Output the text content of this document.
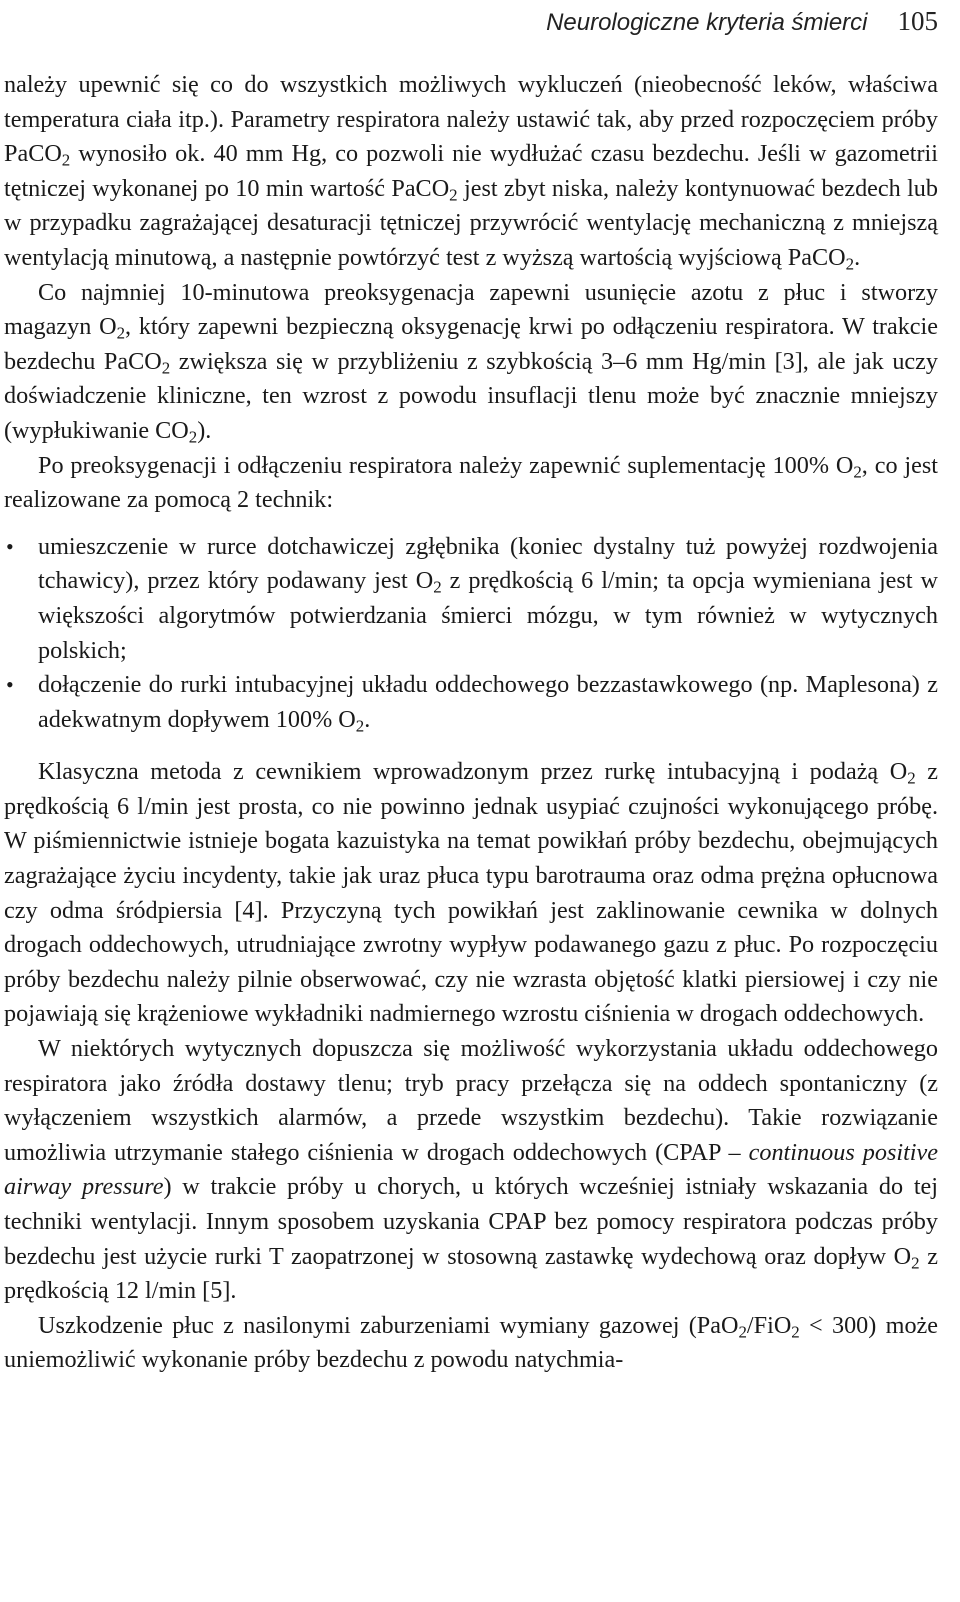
Neurologiczne kryteria śmierci 105

należy upewnić się co do wszystkich możliwych wykluczeń (nieobecność leków, właściwa temperatura ciała itp.). Parametry respiratora należy ustawić tak, aby przed rozpoczęciem próby PaCO$_2$ wynosiło ok. 40 mm Hg, co pozwoli nie wydłużać czasu bezdechu. Jeśli w gazometrii tętniczej wykonanej po 10 min wartość PaCO$_2$ jest zbyt niska, należy kontynuować bezdech lub w przypadku zagrażającej desaturacji tętniczej przywrócić wentylację mechaniczną z mniejszą wentylacją minutową, a następnie powtórzyć test z wyższą wartością wyjściową PaCO$_2$.

Co najmniej 10-minutowa preoksygenacja zapewni usunięcie azotu z płuc i stworzy magazyn $O_2$, który zapewni bezpieczną oksygenację krwi po odłączeniu respiratora. W trakcie bezdechu PaCO$_2$ zwiększa się w przybliżeniu z szybkością 3–6 mm Hg/min [3], ale jak uczy doświadczenie kliniczne, ten wzrost z powodu insuflacji tlenu może być znacznie mniejszy (wypłukiwanie $CO_2$).

Po preoksygenacji i odłączeniu respiratora należy zapewnić suplementację 100% $O_2$, co jest realizowane za pomocą 2 technik:

• umieszczenie w rurce dotchawiczej zgłębnika (koniec dystalny tuż powyżej rozdwojenia tchawicy), przez który podawany jest $O_2$ z prędkością 6 l/min; ta opcja wymieniana jest w większości algorytmów potwierdzania śmierci mózgu, w tym również w wytycznych polskich;
• dołączenie do rurki intubacyjnej układu oddechowego bezzastawkowego (np. Maplesona) z adekwatnym dopływem 100% $O_2$.

Klasyczna metoda z cewnikiem wprowadzonym przez rurkę intubacyjną i podażą $O_2$ z prędkością 6 l/min jest prosta, co nie powinno jednak usypiać czujności wykonującego próbę. W piśmiennictwie istnieje bogata kazuistyka na temat powikłań próby bezdechu, obejmujących zagrażające życiu incydenty, takie jak uraz płuca typu barotrauma oraz odma prężna opłucnowa czy odma śródpiersia [4]. Przyczyną tych powikłań jest zaklinowanie cewnika w dolnych drogach oddechowych, utrudniające zwrotny wypływ podawanego gazu z płuc. Po rozpoczęciu próby bezdechu należy pilnie obserwować, czy nie wzrasta objętość klatki piersiowej i czy nie pojawiają się krążeniowe wykładniki nadmiernego wzrostu ciśnienia w drogach oddechowych.

W niektórych wytycznych dopuszcza się możliwość wykorzystania układu oddechowego respiratora jako źródła dostawy tlenu; tryb pracy przełącza się na oddech spontaniczny (z wyłączeniem wszystkich alarmów, a przede wszystkim bezdechu). Takie rozwiązanie umożliwia utrzymanie stałego ciśnienia w drogach oddechowych (CPAP – continuous positive airway pressure) w trakcie próby u chorych, u których wcześniej istniały wskazania do tej techniki wentylacji. Innym sposobem uzyskania CPAP bez pomocy respiratora podczas próby bezdechu jest użycie rurki T zaopatrzonej w stosowną zastawkę wydechową oraz dopływ $O_2$ z prędkością 12 l/min [5].

Uszkodzenie płuc z nasilonymi zaburzeniami wymiany gazowej (PaO$_2$/FiO$_2$ < 300) może uniemożliwić wykonanie próby bezdechu z powodu natychmia-
